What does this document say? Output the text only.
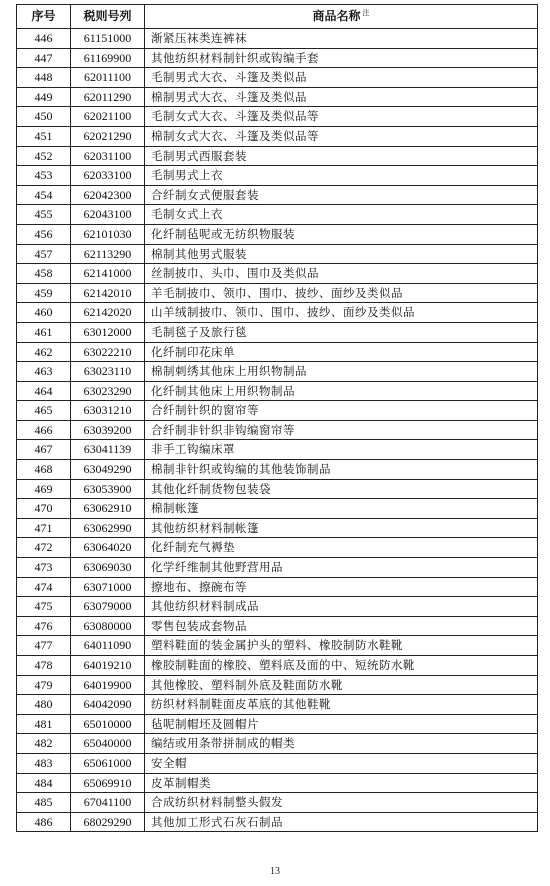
序号	税则号列	商品名称 $^注$
446	61151000	渐紧压袜类连裤袜
447	61169900	其他纺织材料制针织或钩编手套
448	62011100	毛制男式大衣、斗篷及类似品
449	62011290	棉制男式大衣、斗篷及类似品
450	62021100	毛制女式大衣、斗篷及类似品等
451	62021290	棉制女式大衣、斗篷及类似品等
452	62031100	毛制男式西服套装
453	62033100	毛制男式上衣
454	62042300	合纤制女式便服套装
455	62043100	毛制女式上衣
456	62101030	化纤制毡呢或无纺织物服装
457	62113290	棉制其他男式服装
458	62141000	丝制披巾、头巾、围巾及类似品
459	62142010	羊毛制披巾、领巾、围巾、披纱、面纱及类似品
460	62142020	山羊绒制披巾、领巾、围巾、披纱、面纱及类似品
461	63012000	毛制毯子及旅行毯
462	63022210	化纤制印花床单
463	63023110	棉制刺绣其他床上用织物制品
464	63023290	化纤制其他床上用织物制品
465	63031210	合纤制针织的窗帘等
466	63039200	合纤制非针织非钩编窗帘等
467	63041139	非手工钩编床罩
468	63049290	棉制非针织或钩编的其他装饰制品
469	63053900	其他化纤制货物包装袋
470	63062910	棉制帐篷
471	63062990	其他纺织材料制帐篷
472	63064020	化纤制充气褥垫
473	63069030	化学纤维制其他野营用品
474	63071000	擦地布、擦碗布等
475	63079000	其他纺织材料制成品
476	63080000	零售包装成套物品
477	64011090	塑料鞋面的装金属护头的塑料、橡胶制防水鞋靴
478	64019210	橡胶制鞋面的橡胶、塑料底及面的中、短统防水靴
479	64019900	其他橡胶、塑料制外底及鞋面防水靴
480	64042090	纺织材料制鞋面皮革底的其他鞋靴
481	65010000	毡呢制帽坯及圆帽片
482	65040000	编结或用条带拼制成的帽类
483	65061000	安全帽
484	65069910	皮革制帽类
485	67041100	合成纺织材料制整头假发
486	68029290	其他加工形式石灰石制品
13
